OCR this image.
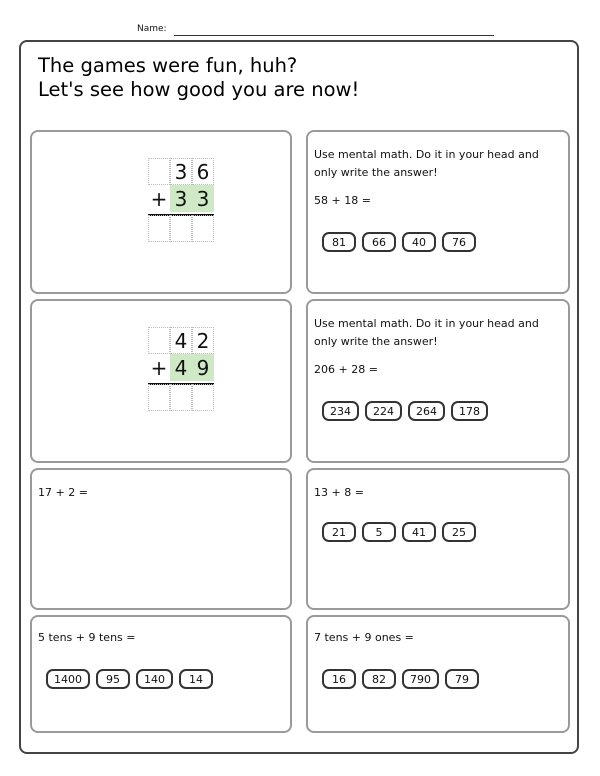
Name:
The games were fun, huh?
Let's see how good you are now!
3 6
+ 3 3
Use mental math. Do it in your head and
only write the answer!
58 + 18 =
81	66	40	76
4 2
+ 4 9
Use mental math. Do it in your head and
only write the answer!
206 + 28 =
234	224	264	178
17 + 2 =	13 + 8 =
21	5	41	25
5 tens + 9 tens =
1400	95	140	14
7 tens + 9 ones =
16	82	790	79
